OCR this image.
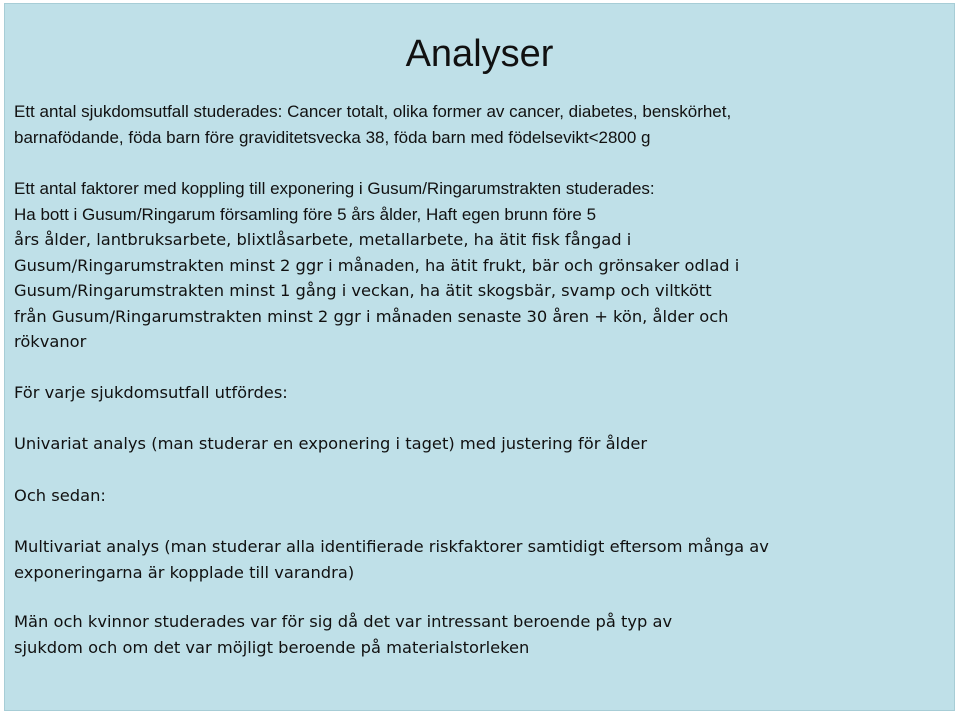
Analyser
Ett antal sjukdomsutfall studerades: Cancer totalt, olika former av cancer, diabetes, benskörhet,
barnafödande, föda barn före graviditetsvecka 38, föda barn med födelsevikt<2800 g
Ett antal faktorer med koppling till exponering i Gusum/Ringarumstrakten studerades:
Ha bott i Gusum/Ringarum församling före 5 års ålder, Haft egen brunn före 5
års ålder, lantbruksarbete, blixtlåsarbete, metallarbete, ha ätit fisk fångad i
Gusum/Ringarumstrakten minst 2 ggr i månaden, ha ätit frukt, bär och grönsaker odlad i
Gusum/Ringarumstrakten minst 1 gång i veckan, ha ätit skogsbär, svamp och viltkött
från Gusum/Ringarumstrakten minst 2 ggr i månaden senaste 30 åren + kön, ålder och
rökvanor
För varje sjukdomsutfall utfördes:
Univariat analys (man studerar en exponering i taget) med justering för ålder
Och sedan:
Multivariat analys (man studerar alla identifierade riskfaktorer samtidigt eftersom många av
exponeringarna är kopplade till varandra)
Män och kvinnor studerades var för sig då det var intressant beroende på typ av
sjukdom och om det var möjligt beroende på materialstorleken
